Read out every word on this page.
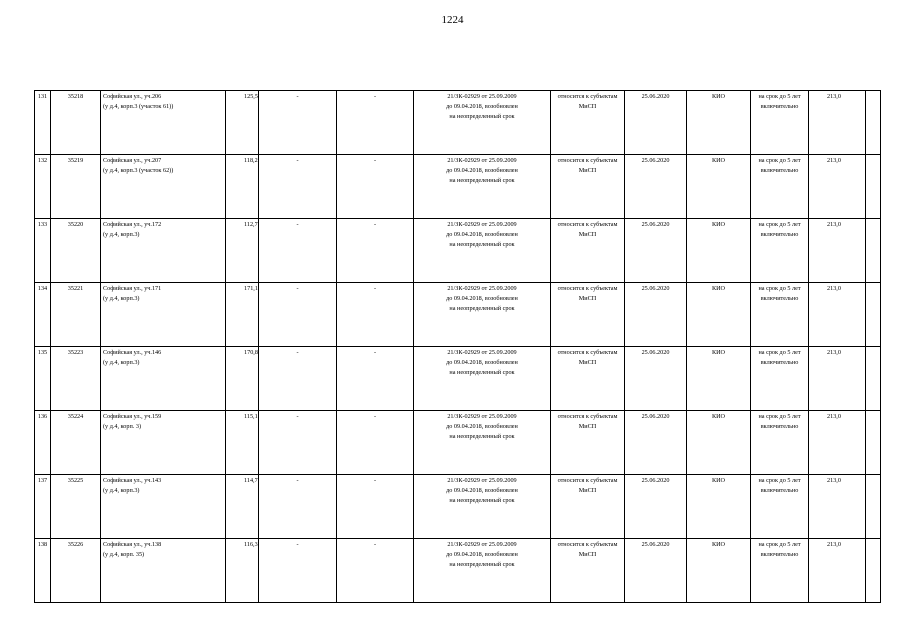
1224
131	35218	Софийская ул., уч.206
(у д.4, корп.3 (участок 61))	125,5	-	-	21/ЗК-02929 от 25.09.2009
до 09.04.2018, возобновлен
на неопределенный срок	относится к субъектам
МиСП	25.06.2020	КИО	на срок до 5 лет
включительно	213,0	

132	35219	Софийская ул., уч.207
(у д.4, корп.3 (участок 62))	118,2	-	-	21/ЗК-02929 от 25.09.2009
до 09.04.2018, возобновлен
на неопределенный срок	относится к субъектам
МиСП	25.06.2020	КИО	на срок до 5 лет
включительно	213,0	

133	35220	Софийская ул., уч.172
(у д.4, корп.3)	112,7	-	-	21/ЗК-02929 от 25.09.2009
до 09.04.2018, возобновлен
на неопределенный срок	относится к субъектам
МиСП	25.06.2020	КИО	на срок до 5 лет
включительно	213,0	

134	35221	Софийская ул., уч.171
(у д.4, корп.3)	171,1	-	-	21/ЗК-02929 от 25.09.2009
до 09.04.2018, возобновлен
на неопределенный срок	относится к субъектам
МиСП	25.06.2020	КИО	на срок до 5 лет
включительно	213,0	

135	35223	Софийская ул., уч.146
(у д.4, корп.3)	170,8	-	-	21/ЗК-02929 от 25.09.2009
до 09.04.2018, возобновлен
на неопределенный срок	относится к субъектам
МиСП	25.06.2020	КИО	на срок до 5 лет
включительно	213,0	

136	35224	Софийская ул., уч.159
(у д.4, корп. 3)	115,1	-	-	21/ЗК-02929 от 25.09.2009
до 09.04.2018, возобновлен
на неопределенный срок	относится к субъектам
МиСП	25.06.2020	КИО	на срок до 5 лет
включительно	213,0	

137	35225	Софийская ул., уч.143
(у д.4, корп.3)	114,7	-	-	21/ЗК-02929 от 25.09.2009
до 09.04.2018, возобновлен
на неопределенный срок	относится к субъектам
МиСП	25.06.2020	КИО	на срок до 5 лет
включительно	213,0	

138	35226	Софийская ул., уч.138
(у д.4, корп. 35)	116,3	-	-	21/ЗК-02929 от 25.09.2009
до 09.04.2018, возобновлен
на неопределенный срок	относится к субъектам
МиСП	25.06.2020	КИО	на срок до 5 лет
включительно	213,0	
